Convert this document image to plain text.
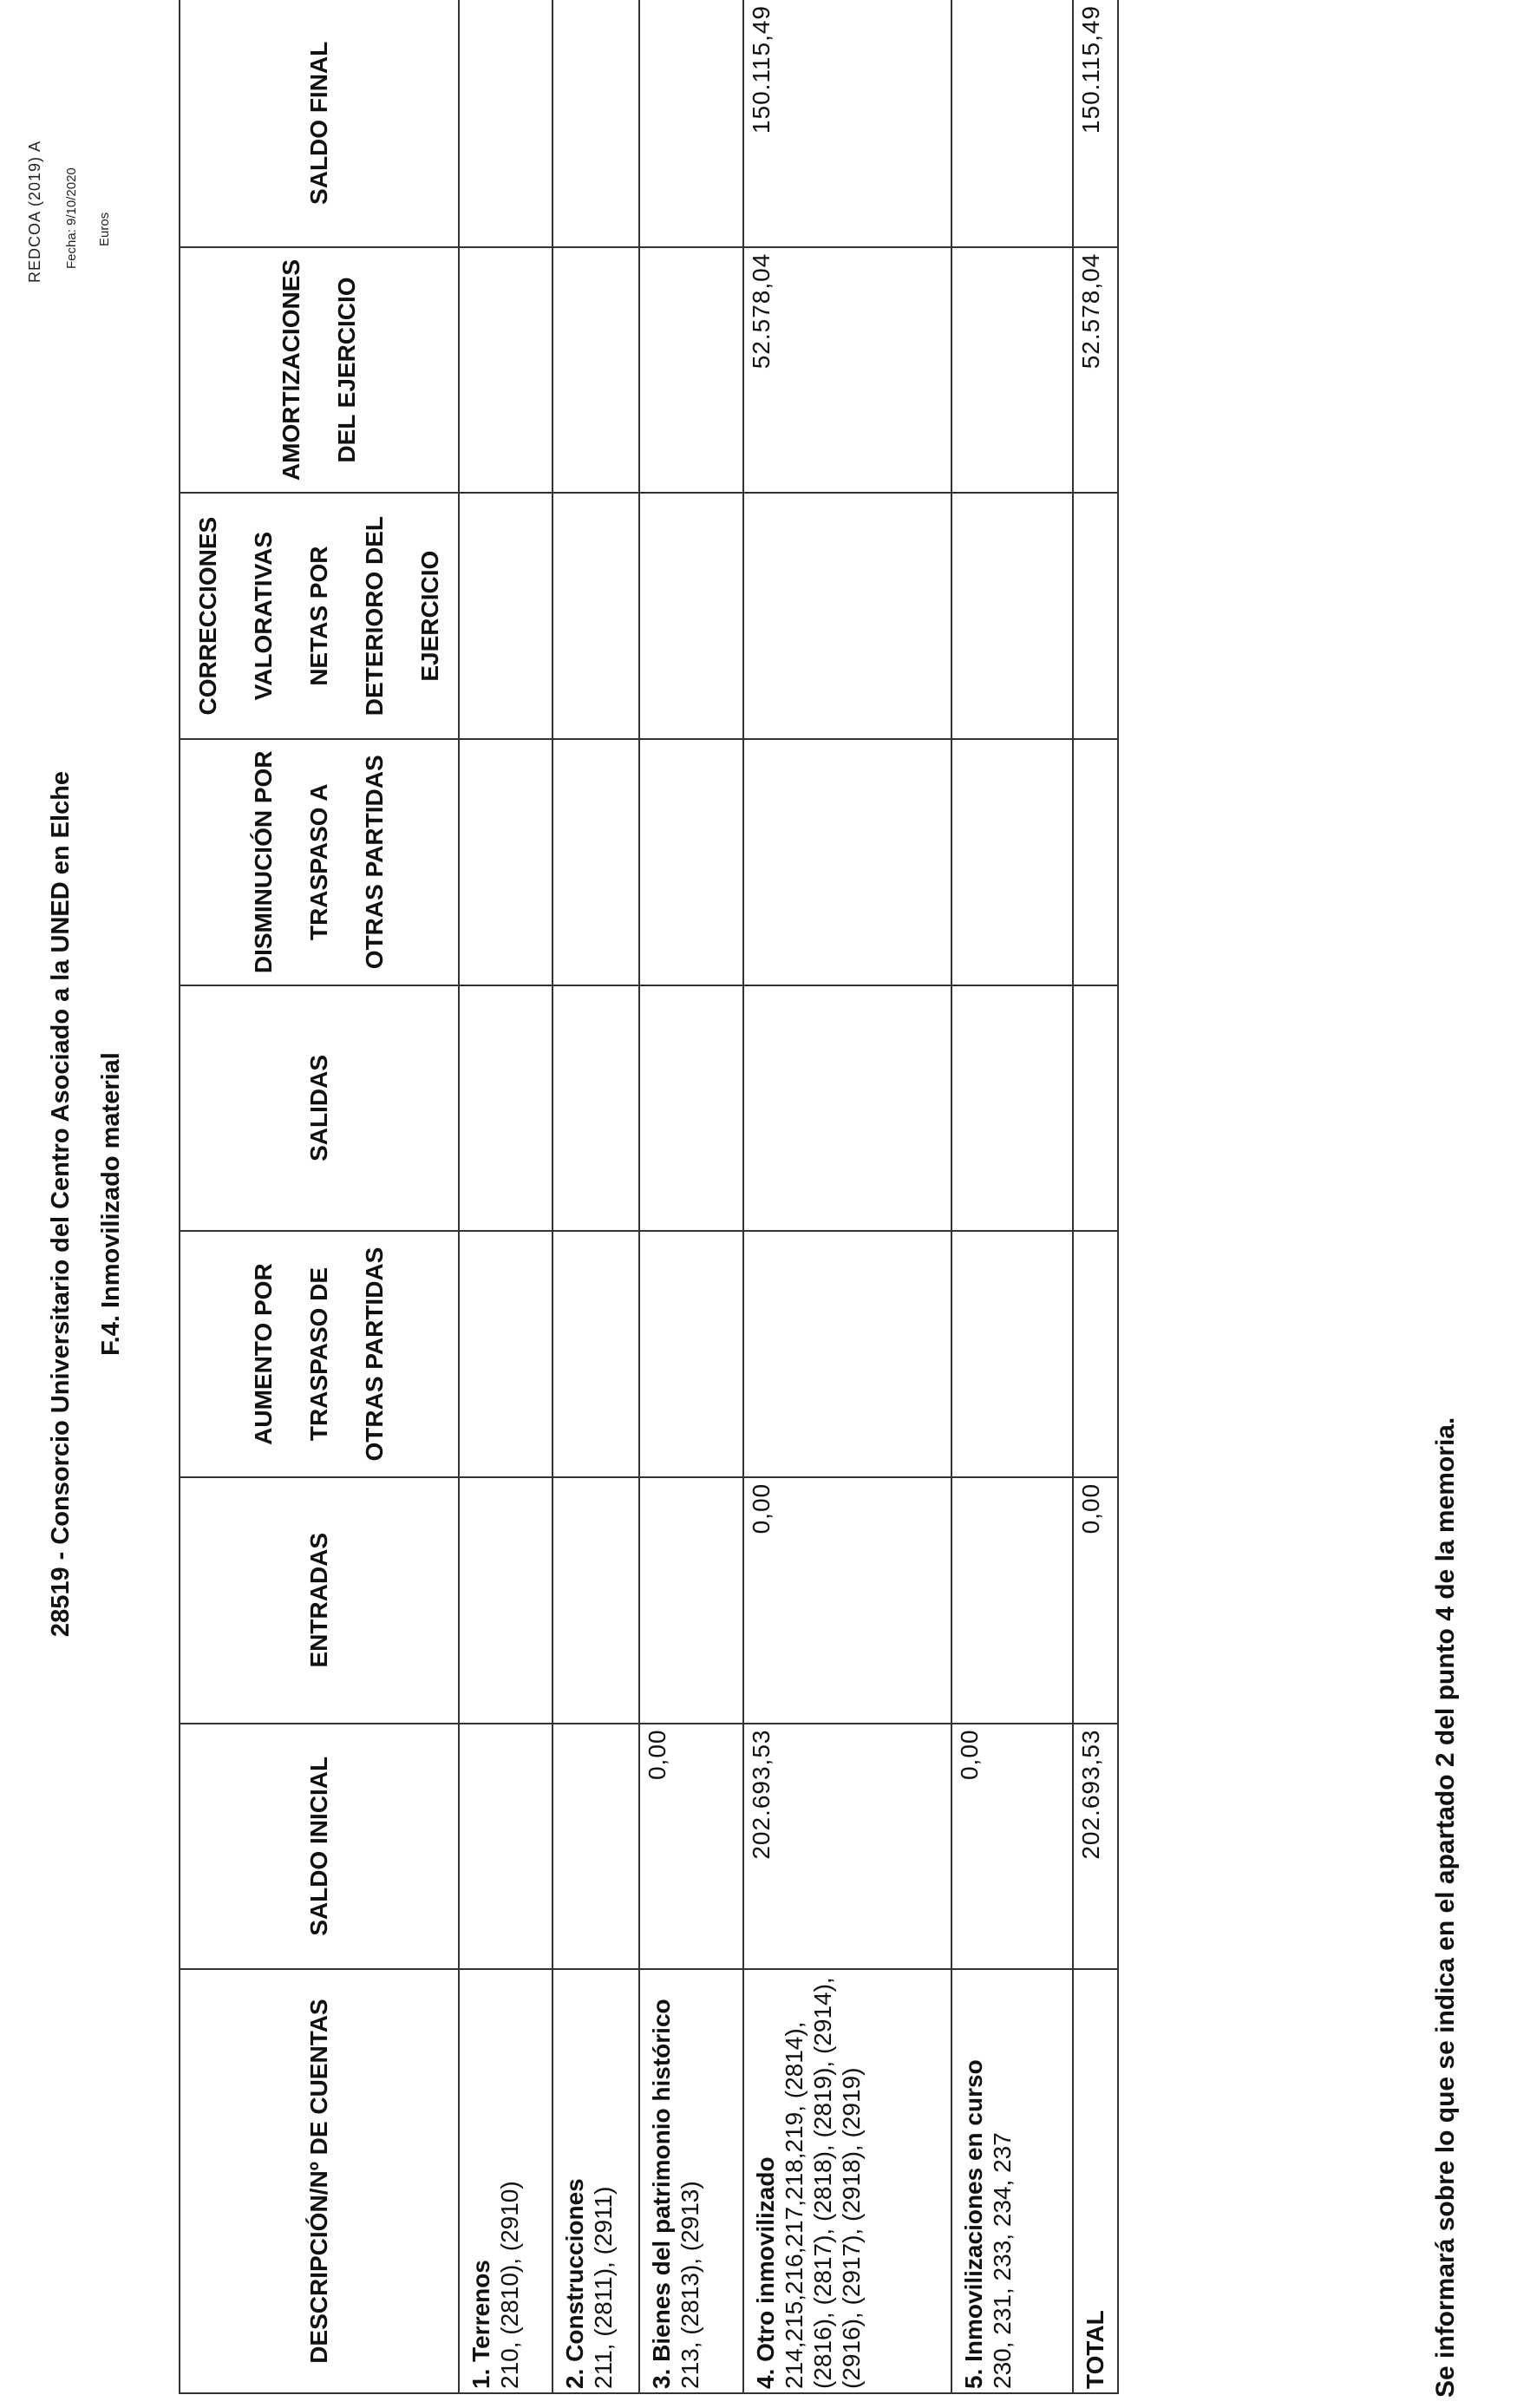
REDCOA (2019) A Fecha: 9/10/2020 Euros
28519 - Consorcio Universitario del Centro Asociado a la UNED en Elche F.4. Inmovilizado material
DESCRIPCIÓN/Nº DE CUENTAS	SALDO INICIAL	ENTRADAS	AUMENTO POR TRASPASO DE OTRAS PARTIDAS	SALIDAS	DISMINUCIÓN POR TRASPASO A OTRAS PARTIDAS	CORRECCIONES VALORATIVAS NETAS POR DETERIORO DEL EJERCICIO	AMORTIZACIONES DEL EJERCICIO	SALDO FINAL

1. Terrenos 210, (2810), (2910)								

2. Construcciones 211, (2811), (2911)								

3. Bienes del patrimonio histórico 213, (2813), (2913)	0,00							

4. Otro inmovilizado 214,215,216,217,218,219, (2814), (2816), (2817), (2818), (2819), (2914), (2916), (2917), (2918), (2919)	202.693,53	0,00					52.578,04	150.115,49

5. Inmovilizaciones en curso 230, 231, 233, 234, 237	0,00							
TOTAL	202.693,53	0,00					52.578,04	150.115,49
Se informará sobre lo que se indica en el apartado 2 del punto 4 de la memoria.
